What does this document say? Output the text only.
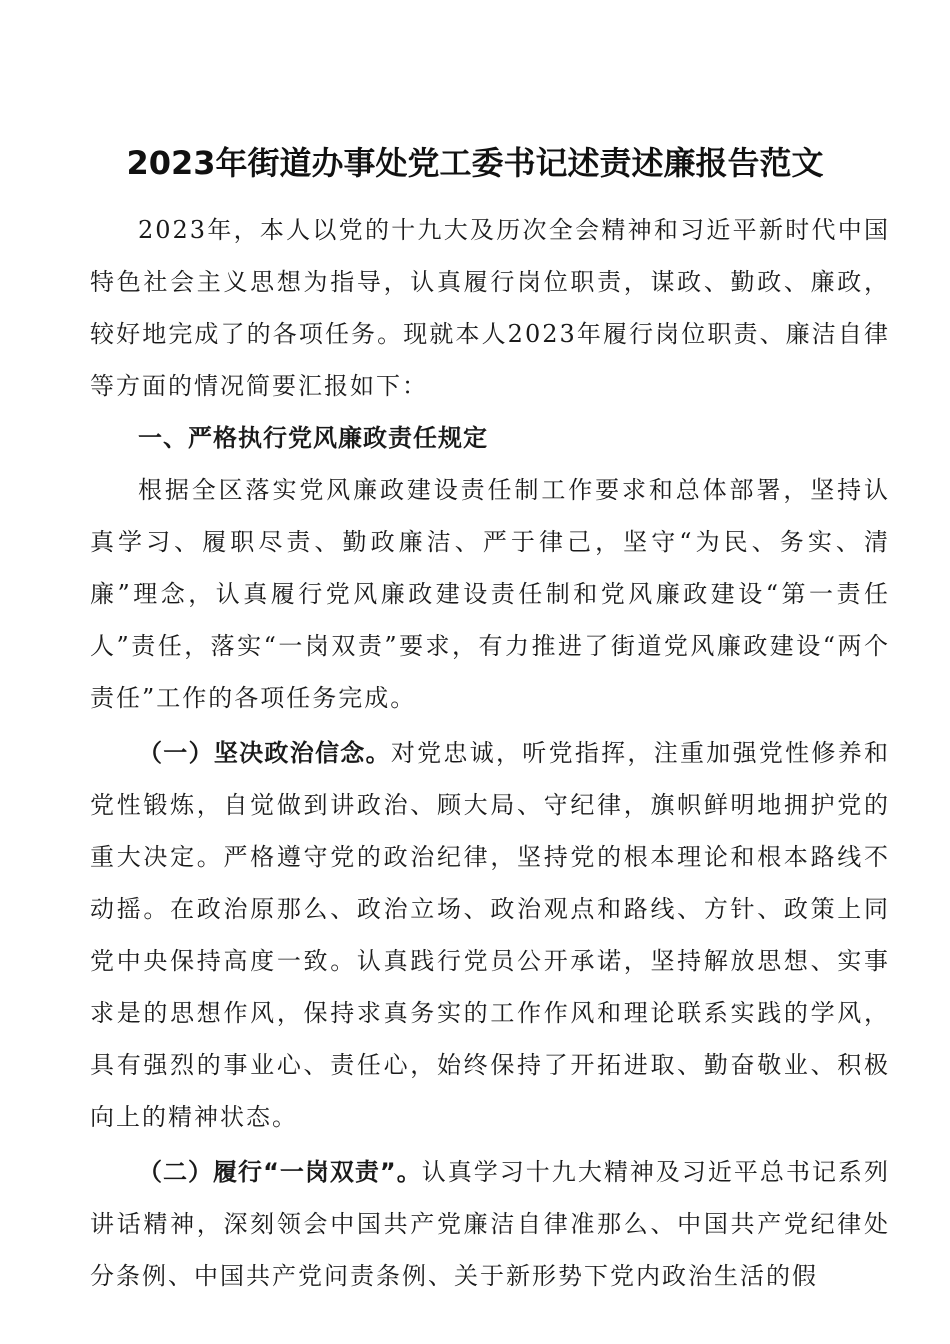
2023年街道办事处党工委书记述责述廉报告范文

2023年，本人以党的十九大及历次全会精神和习近平新时代中国特色社会主义思想为指导，认真履行岗位职责，谋政、勤政、廉政，较好地完成了的各项任务。现就本人2023年履行岗位职责、廉洁自律等方面的情况简要汇报如下：

一、严格执行党风廉政责任规定

根据全区落实党风廉政建设责任制工作要求和总体部署，坚持认真学习、履职尽责、勤政廉洁、严于律己，坚守“为民、务实、清廉”理念，认真履行党风廉政建设责任制和党风廉政建设“第一责任人”责任，落实“一岗双责”要求，有力推进了街道党风廉政建设“两个责任”工作的各项任务完成。

（一）坚决政治信念。对党忠诚，听党指挥，注重加强党性修养和党性锻炼，自觉做到讲政治、顾大局、守纪律，旗帜鲜明地拥护党的重大决定。严格遵守党的政治纪律，坚持党的根本理论和根本路线不动摇。在政治原那么、政治立场、政治观点和路线、方针、政策上同党中央保持高度一致。认真践行党员公开承诺，坚持解放思想、实事求是的思想作风，保持求真务实的工作作风和理论联系实践的学风，具有强烈的事业心、责任心，始终保持了开拓进取、勤奋敬业、积极向上的精神状态。

（二）履行“一岗双责”。认真学习十九大精神及习近平总书记系列讲话精神，深刻领会中国共产党廉洁自律准那么、中国共产党纪律处分条例、中国共产党问责条例、关于新形势下党内政治生活的假
